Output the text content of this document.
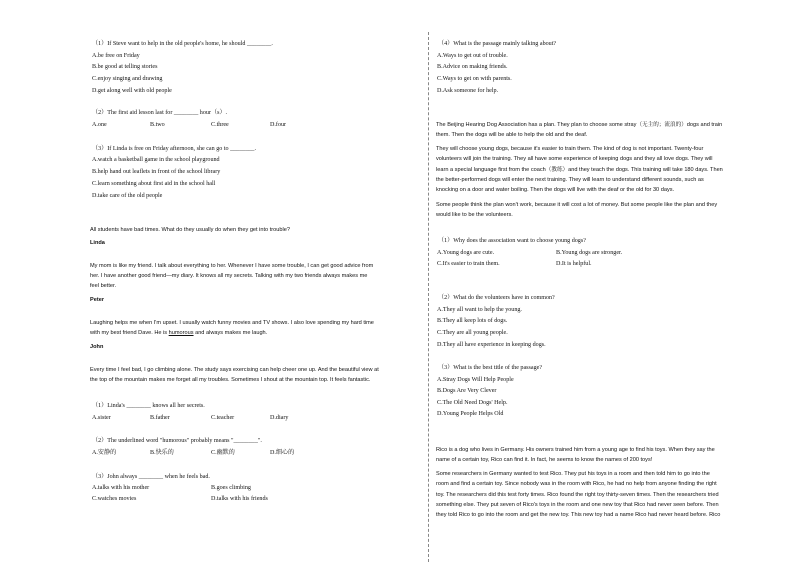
（1）If Steve want to help in the old people's home, he should ________.
A.be free on Friday
B.be good at telling stories
C.enjoy singing and drawing
D.get along well with old people
（2）The first aid lesson last for ________ hour（s）.
A.one	B.two	C.three	D.four
（3）If Linda is free on Friday afternoon, she can go to ________.
A.watch a basketball game in the school playground
B.help hand out leaflets in front of the school library
C.learn something about first aid in the school hall
D.take care of the old people
All students have bad times. What do they usually do when they get into trouble?
Linda
My mom is like my friend. I talk about everything to her. Whenever I have some trouble, I can get good advice from
her. I have another good friend—my diary. It knows all my secrets. Talking with my two friends always makes me
feel better.
Peter
Laughing helps me when I'm upset. I usually watch funny movies and TV shows. I also love spending my hard time
with my best friend Dave. He is humorous and always makes me laugh.
John
Every time I feel bad, I go climbing alone. The study says exercising can help cheer one up. And the beautiful view at
the top of the mountain makes me forget all my troubles. Sometimes I shout at the mountain top. It feels fantastic.
（1）Linda's ________ knows all her secrets.
A.sister	B.father	C.teacher	D.diary
（2）The underlined word "humorous" probably means "________".
A.安静的	B.快乐的	C.幽默的	D.细心的
（3）John always ________ when he feels bad.
A.talks with his mother	B.goes climbing
C.watches movies	D.talks with his friends
（4）What is the passage mainly talking about?
A.Ways to get out of trouble.
B.Advice on making friends.
C.Ways to get on with parents.
D.Ask someone for help.
The Beijing Hearing Dog Association has a plan. They plan to choose some stray（无主的；流浪的）dogs and train
them. Then the dogs will be able to help the old and the deaf.
They will choose young dogs, because it's easier to train them. The kind of dog is not important. Twenty-four
volunteers will join the training. They all have some experience of keeping dogs and they all love dogs. They will
learn a special language first from the coach（教练）and they teach the dogs. This training will take 180 days. Then
the better-performed dogs will enter the next training. They will learn to understand different sounds, such as
knocking on a door and water boiling. Then the dogs will live with the deaf or the old for 30 days.
Some people think the plan won't work, because it will cost a lot of money. But some people like the plan and they
would like to be the volunteers.
（1）Why does the association want to choose young dogs?
A.Young dogs are cute.	B.Young dogs are stronger.
C.It's easier to train them.	D.It is helpful.
（2）What do the volunteers have in common?
A.They all want to help the young.
B.They all keep lots of dogs.
C.They are all young people.
D.They all have experience in keeping dogs.
（3）What is the best title of the passage?
A.Stray Dogs Will Help People
B.Dogs Are Very Clever
C.The Old Need Dogs' Help.
D.Young People Helps Old
Rico is a dog who lives in Germany. His owners trained him from a young age to find his toys. When they say the
name of a certain toy, Rico can find it. In fact, he seems to know the names of 200 toys!
Some researchers in Germany wanted to test Rico. They put his toys in a room and then told him to go into the
room and find a certain toy. Since nobody was in the room with Rico, he had no help from anyone finding the right
toy. The researchers did this test forty times. Rico found the right toy thirty-seven times. Then the researchers tried
something else. They put seven of Rico's toys in the room and one new toy that Rico had never seen before. Then
they told Rico to go into the room and get the new toy. This new toy had a name Rico had never heard before. Rico
